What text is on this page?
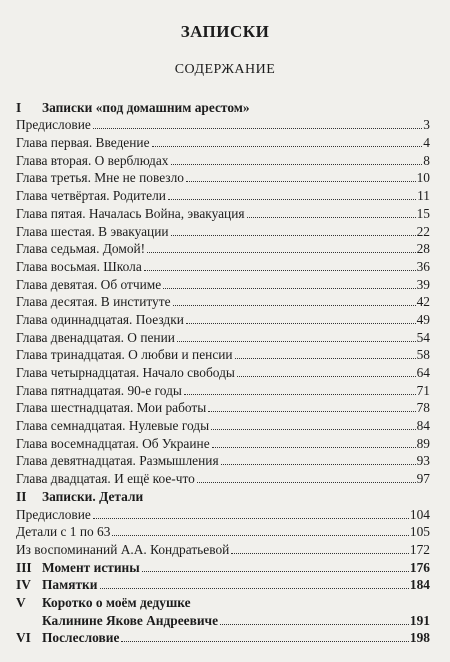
ЗАПИСКИ
СОДЕРЖАНИЕ
I Записки «под домашним арестом»
Предисловие	3
Глава первая. Введение	4
Глава вторая. О верблюдах	8
Глава третья. Мне не повезло	10
Глава четвёртая. Родители	11
Глава пятая. Началась Война, эвакуация	15
Глава шестая. В эвакуации	22
Глава седьмая. Домой!	28
Глава восьмая. Школа	36
Глава девятая. Об отчиме	39
Глава десятая. В институте	42
Глава одиннадцатая. Поездки	49
Глава двенадцатая. О пении	54
Глава тринадцатая. О любви и пенсии	58
Глава четырнадцатая. Начало свободы	64
Глава пятнадцатая. 90-е годы	71
Глава шестнадцатая. Мои работы	78
Глава семнадцатая. Нулевые годы	84
Глава восемнадцатая. Об Украине	89
Глава девятнадцатая. Размышления	93
Глава двадцатая. И ещё кое-что	97
II Записки. Детали
Предисловие	104
Детали с 1 по 63	105
Из воспоминаний А.А. Кондратьевой	172
III Момент истины	176
IV Памятки	184
V Коротко о моём дедушке
Калинине Якове Андреевиче	191
VI Послесловие	198
